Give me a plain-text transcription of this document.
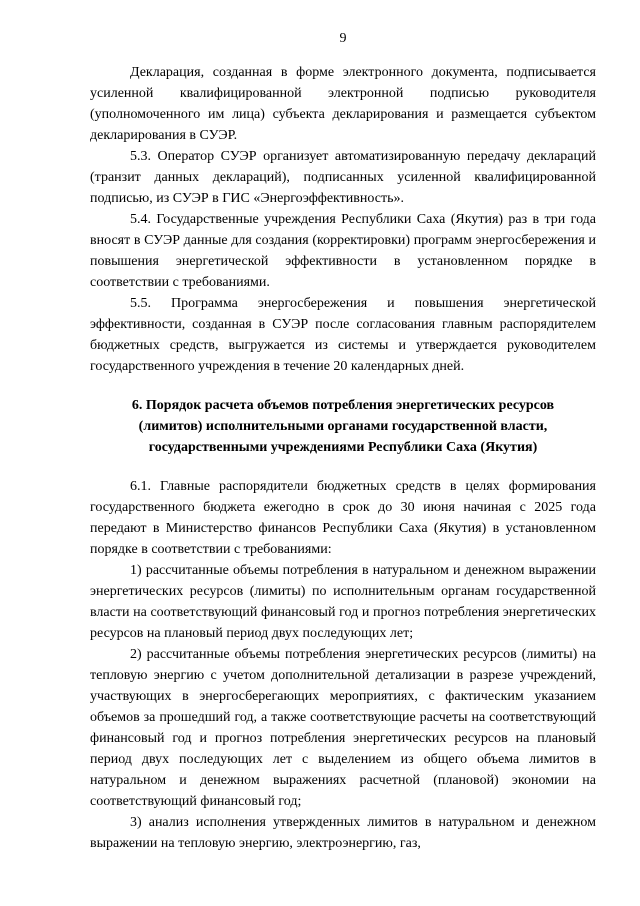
9

Декларация, созданная в форме электронного документа, подписывается усиленной квалифицированной электронной подписью руководителя (уполномоченного им лица) субъекта декларирования и размещается субъектом декларирования в СУЭР.

5.3. Оператор СУЭР организует автоматизированную передачу деклараций (транзит данных деклараций), подписанных усиленной квалифицированной подписью, из СУЭР в ГИС «Энергоэффективность».

5.4. Государственные учреждения Республики Саха (Якутия) раз в три года вносят в СУЭР данные для создания (корректировки) программ энергосбережения и повышения энергетической эффективности в установленном порядке в соответствии с требованиями.

5.5. Программа энергосбережения и повышения энергетической эффективности, созданная в СУЭР после согласования главным распорядителем бюджетных средств, выгружается из системы и утверждается руководителем государственного учреждения в течение 20 календарных дней.

6. Порядок расчета объемов потребления энергетических ресурсов
(лимитов) исполнительными органами государственной власти,
государственными учреждениями Республики Саха (Якутия)

6.1. Главные распорядители бюджетных средств в целях формирования государственного бюджета ежегодно в срок до 30 июня начиная с 2025 года передают в Министерство финансов Республики Саха (Якутия) в установленном порядке в соответствии с требованиями:

1) рассчитанные объемы потребления в натуральном и денежном выражении энергетических ресурсов (лимиты) по исполнительным органам государственной власти на соответствующий финансовый год и прогноз потребления энергетических ресурсов на плановый период двух последующих лет;

2) рассчитанные объемы потребления энергетических ресурсов (лимиты) на тепловую энергию с учетом дополнительной детализации в разрезе учреждений, участвующих в энергосберегающих мероприятиях, с фактическим указанием объемов за прошедший год, а также соответствующие расчеты на соответствующий финансовый год и прогноз потребления энергетических ресурсов на плановый период двух последующих лет с выделением из общего объема лимитов в натуральном и денежном выражениях расчетной (плановой) экономии на соответствующий финансовый год;

3) анализ исполнения утвержденных лимитов в натуральном и денежном выражении на тепловую энергию, электроэнергию, газ,
